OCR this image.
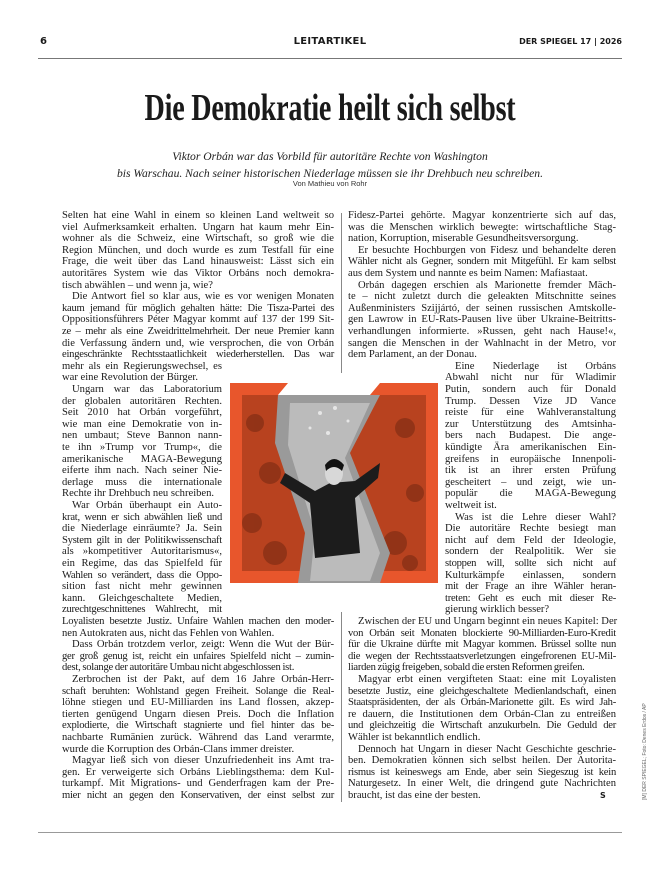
6	LEITARTIKEL	DER SPIEGEL 17 | 2026
Die Demokratie heilt sich selbst
Viktor Orbán war das Vorbild für autoritäre Rechte von Washington
bis Warschau. Nach seiner historischen Niederlage müssen sie ihr Drehbuch neu schreiben.
Von Mathieu von Rohr
Selten hat eine Wahl in einem so kleinen Land weltweit so
viel Aufmerksamkeit erhalten. Ungarn hat kaum mehr Ein-
wohner als die Schweiz, eine Wirtschaft, so groß wie die
Region München, und doch wurde es zum Testfall für eine
Frage, die weit über das Land hinausweist: Lässt sich ein
autoritäres System wie das Viktor Orbáns noch demokra-
tisch abwählen – und wenn ja, wie?
Die Antwort fiel so klar aus, wie es vor wenigen Monaten
kaum jemand für möglich gehalten hätte: Die Tisza-Partei des
Oppositionsführers Péter Magyar kommt auf 137 der 199 Sit-
ze – mehr als eine Zweidrittelmehrheit. Der neue Premier kann
die Verfassung ändern und, wie versprochen, die von Orbán
eingeschränkte Rechtsstaatlichkeit wiederherstellen. Das war
mehr als ein Regierungswechsel, es
war eine Revolution der Bürger.
Ungarn war das Laboratorium
der globalen autoritären Rechten.
Seit 2010 hat Orbán vorgeführt,
wie man eine Demokratie von in-
nen umbaut; Steve Bannon nann-
te ihn »Trump vor Trump«, die
amerikanische MAGA-Bewegung
eiferte ihm nach. Nach seiner Nie-
derlage muss die internationale
Rechte ihr Drehbuch neu schreiben.
War Orbán überhaupt ein Auto-
krat, wenn er sich abwählen ließ und
die Niederlage einräumte? Ja. Sein
System gilt in der Politikwissenschaft
als »kompetitiver Autoritarismus«,
ein Regime, das das Spielfeld für
Wahlen so verändert, dass die Oppo-
sition fast nicht mehr gewinnen
kann. Gleichgeschaltete Medien,
zurechtgeschnittenes Wahlrecht, mit
Loyalisten besetzte Justiz. Unfaire Wahlen machen den moder-
nen Autokraten aus, nicht das Fehlen von Wahlen.
Dass Orbán trotzdem verlor, zeigt: Wenn die Wut der Bür-
ger groß genug ist, reicht ein unfaires Spielfeld nicht – zumin-
dest, solange der autoritäre Umbau nicht abgeschlossen ist.
Zerbrochen ist der Pakt, auf dem 16 Jahre Orbán-Herr-
schaft beruhten: Wohlstand gegen Freiheit. Solange die Real-
löhne stiegen und EU-Milliarden ins Land flossen, akzep-
tierten genügend Ungarn diesen Preis. Doch die Inflation
explodierte, die Wirtschaft stagnierte und fiel hinter das be-
nachbarte Rumänien zurück. Während das Land verarmte,
wurde die Korruption des Orbán-Clans immer dreister.
Magyar ließ sich von dieser Unzufriedenheit ins Amt tra-
gen. Er verweigerte sich Orbáns Lieblingsthema: dem Kul-
turkampf. Mit Migrations- und Genderfragen kam der Pre-
mier nicht an gegen den Konservativen, der einst selbst zur
Fidesz-Partei gehörte. Magyar konzentrierte sich auf das,
was die Menschen wirklich bewegte: wirtschaftliche Stag-
nation, Korruption, miserable Gesundheitsversorgung.
Er besuchte Hochburgen von Fidesz und behandelte deren
Wähler nicht als Gegner, sondern mit Mitgefühl. Er kam selbst
aus dem System und nannte es beim Namen: Mafiastaat.
Orbán dagegen erschien als Marionette fremder Mäch-
te – nicht zuletzt durch die geleakten Mitschnitte seines
Außenministers Szijjártó, der seinen russischen Amtskolle-
gen Lawrow in EU-Rats-Pausen live über Ukraine-Beitritts-
verhandlungen informierte. »Russen, geht nach Hause!«,
sangen die Menschen in der Wahlnacht in der Metro, vor
dem Parlament, an der Donau.
Eine Niederlage ist Orbáns
Abwahl nicht nur für Wladimir
Putin, sondern auch für Donald
Trump. Dessen Vize JD Vance
reiste für eine Wahlveranstaltung
zur Unterstützung des Amtsinha-
bers nach Budapest. Die ange-
kündigte Ära amerikanischen Ein-
greifens in europäische Innenpoli-
tik ist an ihrer ersten Prüfung
gescheitert – und zeigt, wie un-
populär die MAGA-Bewegung
weltweit ist.
Was ist die Lehre dieser Wahl?
Die autoritäre Rechte besiegt man
nicht auf dem Feld der Ideologie,
sondern der Realpolitik. Wer sie
stoppen will, sollte sich nicht auf
Kulturkämpfe einlassen, sondern
mit der Frage an ihre Wähler heran-
treten: Geht es euch mit dieser Re-
gierung wirklich besser?
Zwischen der EU und Ungarn beginnt ein neues Kapitel: Der
von Orbán seit Monaten blockierte 90-Milliarden-Euro-Kredit
für die Ukraine dürfte mit Magyar kommen. Brüssel sollte nun
die wegen der Rechtsstaatsverletzungen eingefrorenen EU-Mil-
liarden zügig freigeben, sobald die ersten Reformen greifen.
Magyar erbt einen vergifteten Staat: eine mit Loyalisten
besetzte Justiz, eine gleichgeschaltete Medienlandschaft, einen
Staatspräsidenten, der als Orbán-Marionette gilt. Es wird Jah-
re dauern, die Institutionen dem Orbán-Clan zu entreißen
und gleichzeitig die Wirtschaft anzukurbeln. Die Geduld der
Wähler ist bekanntlich endlich.
Dennoch hat Ungarn in dieser Nacht Geschichte geschrie-
ben. Demokratien können sich selbst heilen. Der Autorita-
rismus ist keineswegs am Ende, aber sein Siegeszug ist kein
Naturgesetz. In einer Welt, die dringend gute Nachrichten
braucht, ist das eine der besten.	[M] DER SPIEGEL; Foto: Denes Erdos / AP
S
